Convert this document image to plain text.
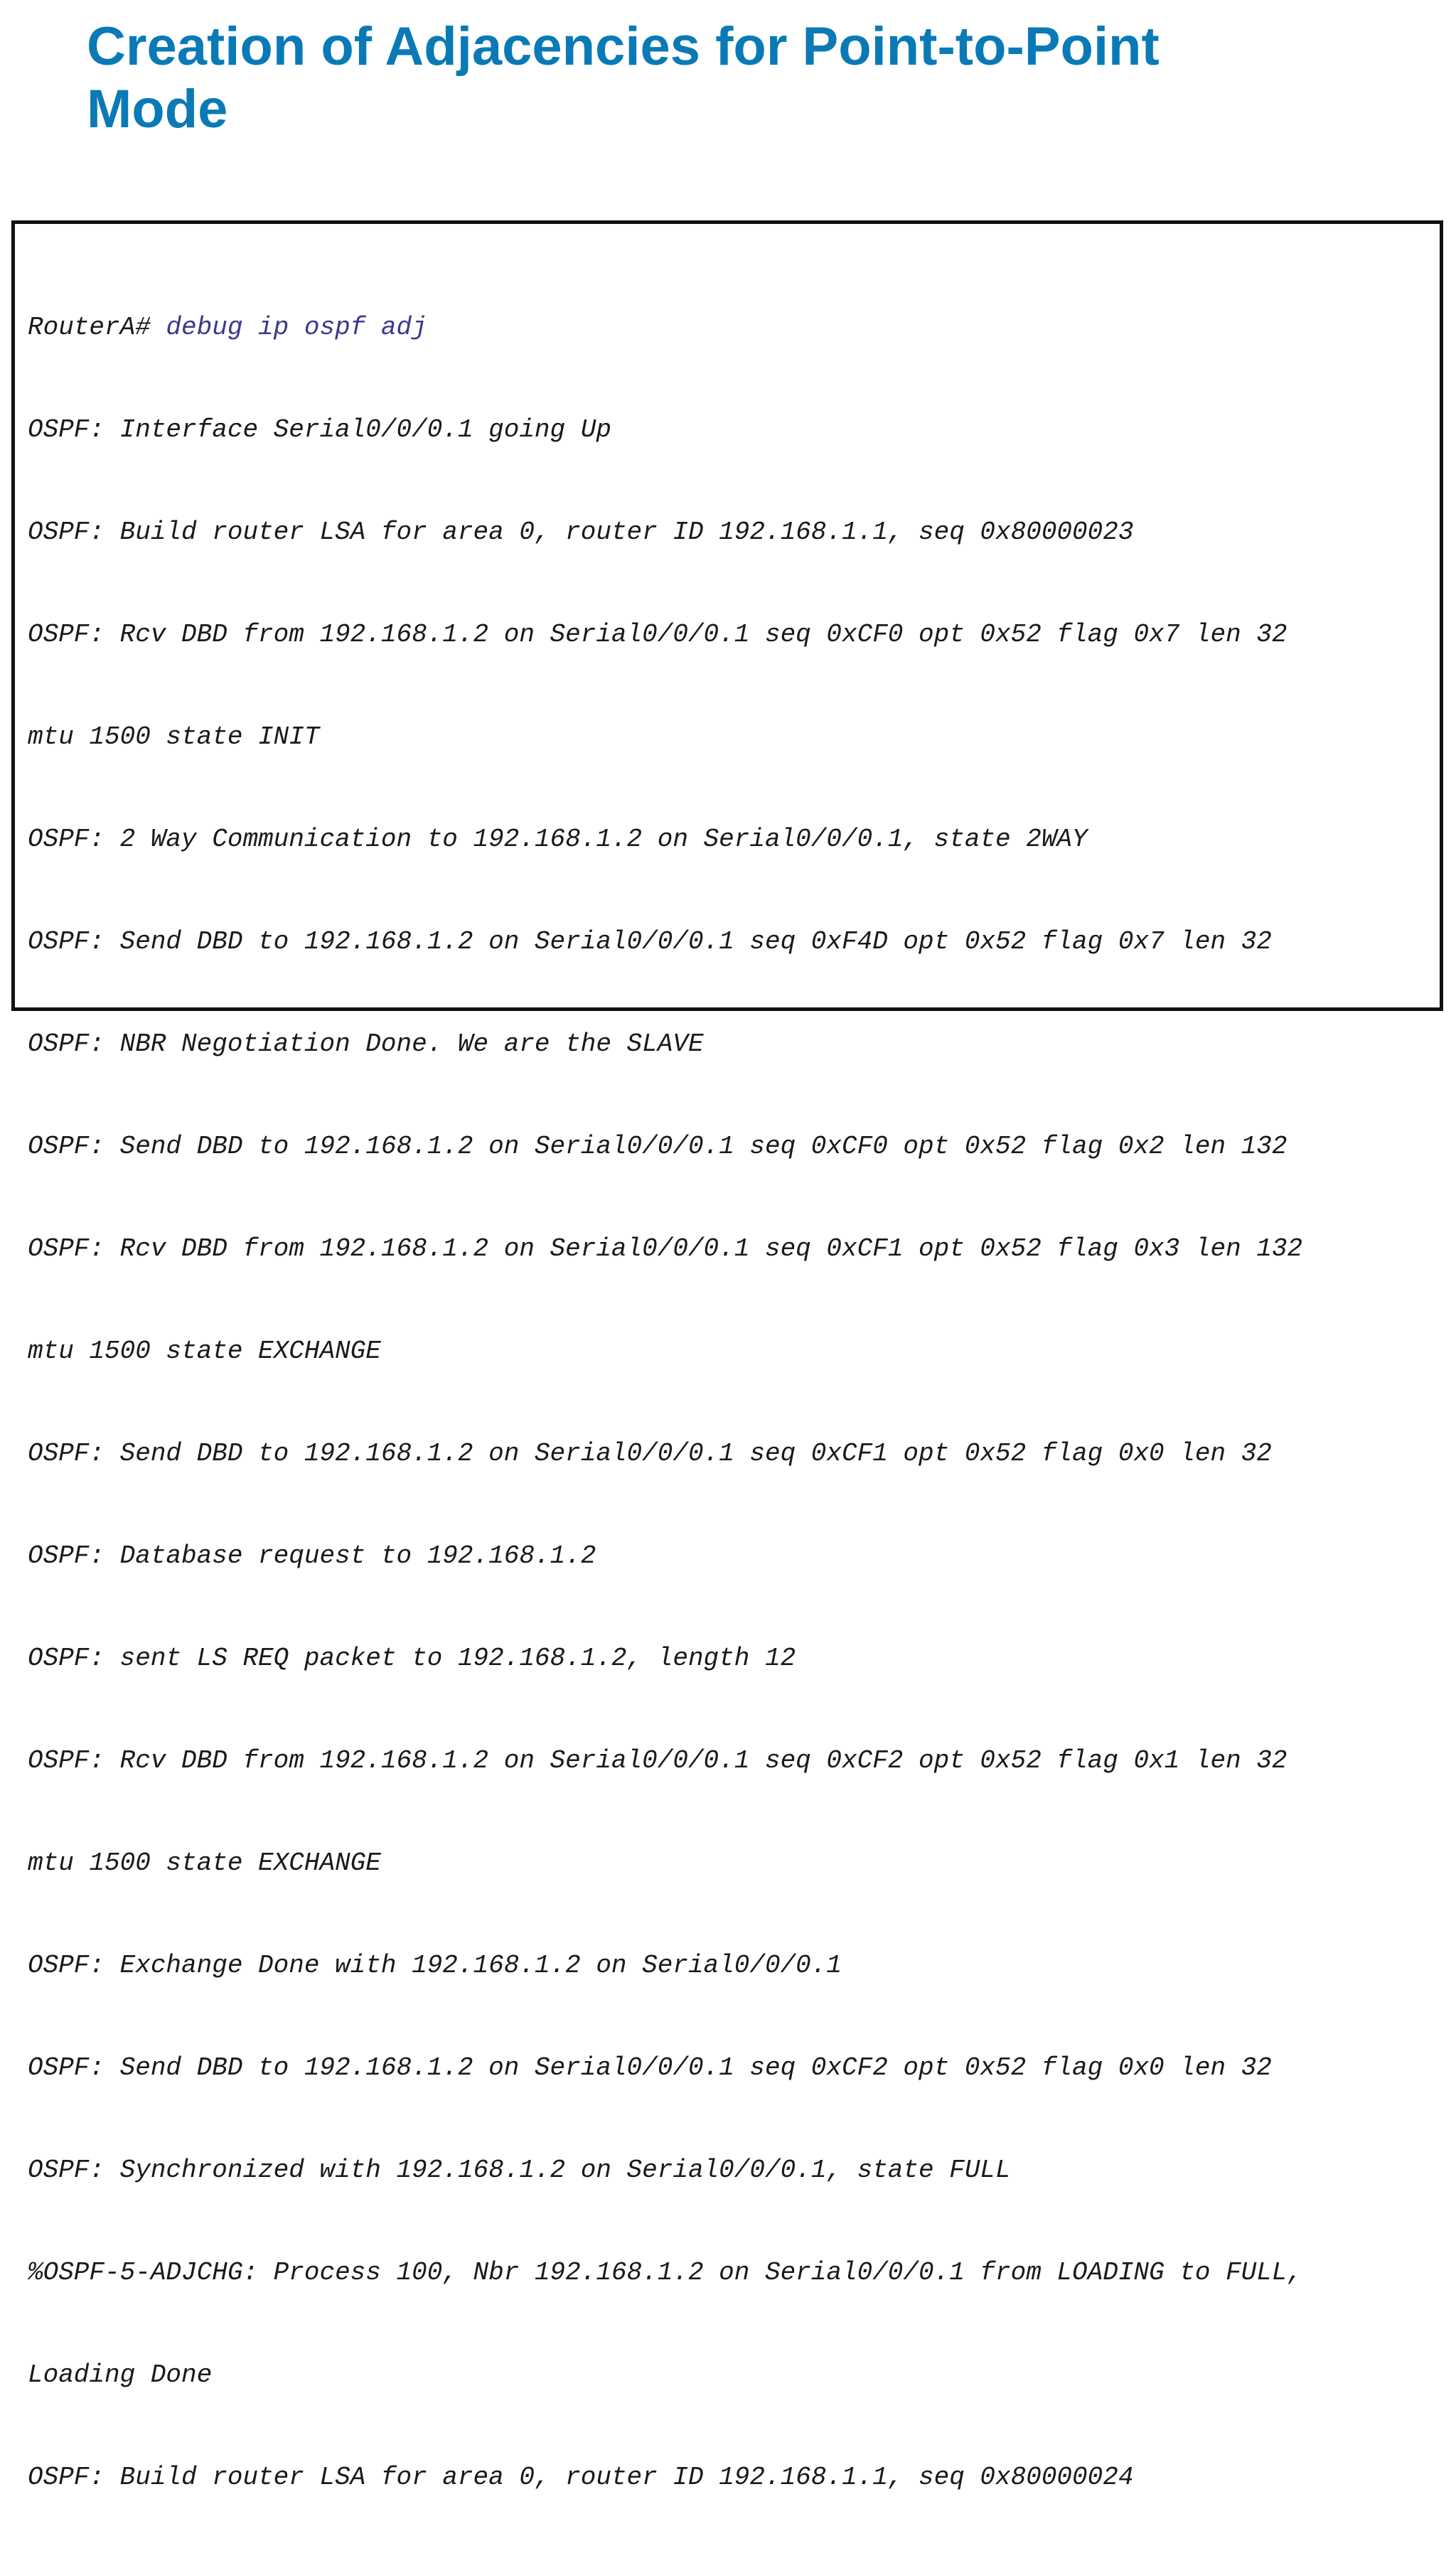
Creation of Adjacencies for Point-to-Point
Mode

RouterA# debug ip ospf adj

OSPF: Interface Serial0/0/0.1 going Up

OSPF: Build router LSA for area 0, router ID 192.168.1.1, seq 0x80000023

OSPF: Rcv DBD from 192.168.1.2 on Serial0/0/0.1 seq 0xCF0 opt 0x52 flag 0x7 len 32

mtu 1500 state INIT

OSPF: 2 Way Communication to 192.168.1.2 on Serial0/0/0.1, state 2WAY

OSPF: Send DBD to 192.168.1.2 on Serial0/0/0.1 seq 0xF4D opt 0x52 flag 0x7 len 32

OSPF: NBR Negotiation Done. We are the SLAVE

OSPF: Send DBD to 192.168.1.2 on Serial0/0/0.1 seq 0xCF0 opt 0x52 flag 0x2 len 132

OSPF: Rcv DBD from 192.168.1.2 on Serial0/0/0.1 seq 0xCF1 opt 0x52 flag 0x3 len 132

mtu 1500 state EXCHANGE

OSPF: Send DBD to 192.168.1.2 on Serial0/0/0.1 seq 0xCF1 opt 0x52 flag 0x0 len 32

OSPF: Database request to 192.168.1.2

OSPF: sent LS REQ packet to 192.168.1.2, length 12

OSPF: Rcv DBD from 192.168.1.2 on Serial0/0/0.1 seq 0xCF2 opt 0x52 flag 0x1 len 32

mtu 1500 state EXCHANGE

OSPF: Exchange Done with 192.168.1.2 on Serial0/0/0.1

OSPF: Send DBD to 192.168.1.2 on Serial0/0/0.1 seq 0xCF2 opt 0x52 flag 0x0 len 32

OSPF: Synchronized with 192.168.1.2 on Serial0/0/0.1, state FULL

%OSPF-5-ADJCHG: Process 100, Nbr 192.168.1.2 on Serial0/0/0.1 from LOADING to FULL,

Loading Done

OSPF: Build router LSA for area 0, router ID 192.168.1.1, seq 0x80000024
